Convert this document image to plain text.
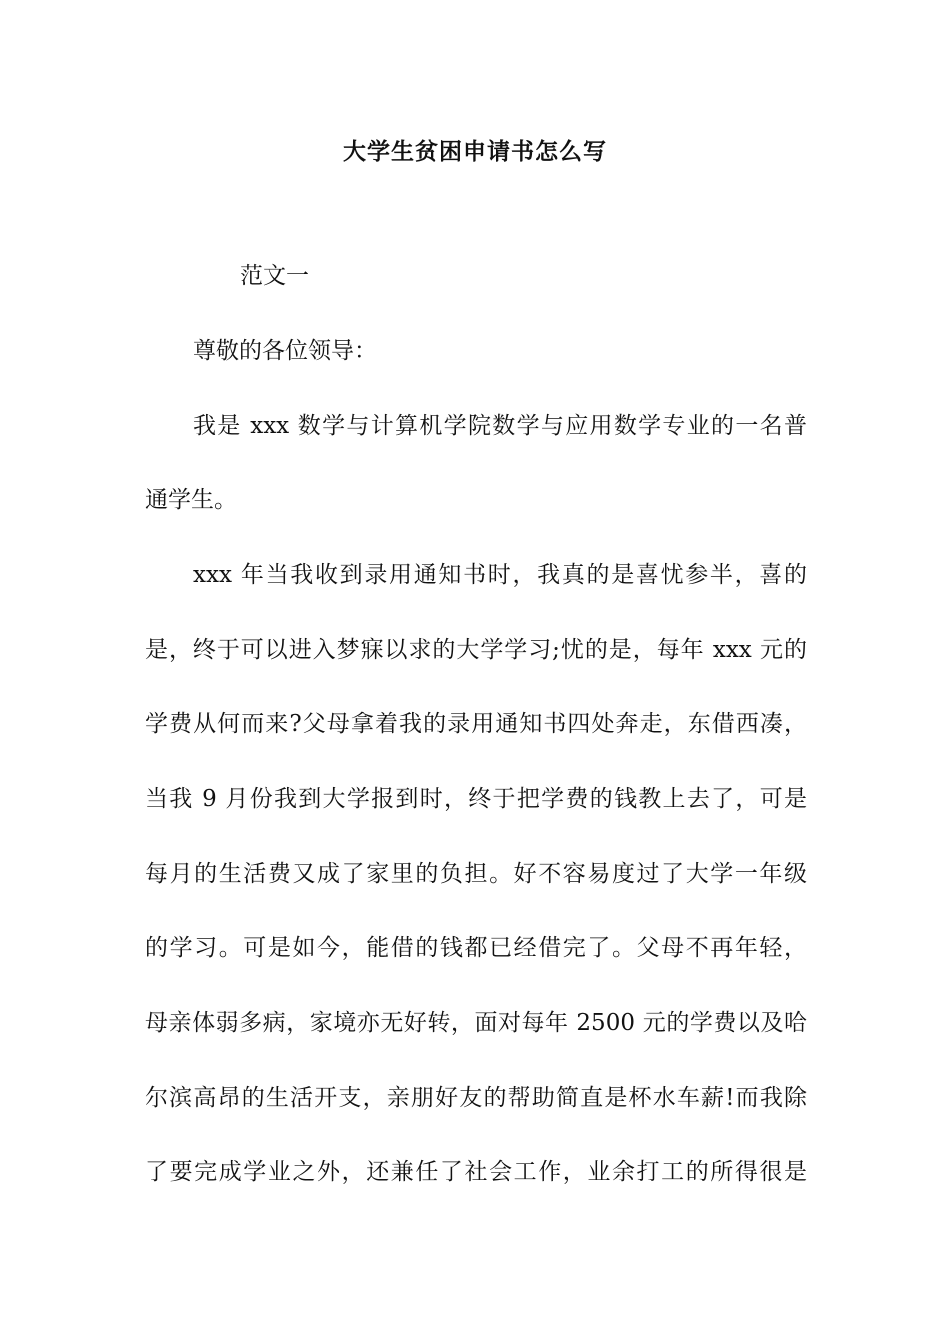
大学生贫困申请书怎么写
范文一
尊敬的各位领导：
我是 xxx 数学与计算机学院数学与应用数学专业的一名普
通学生。
xxx 年当我收到录用通知书时，我真的是喜忧参半，喜的
是，终于可以进入梦寐以求的大学学习;忧的是，每年 xxx 元的
学费从何而来?父母拿着我的录用通知书四处奔走，东借西凑，
当我 9 月份我到大学报到时，终于把学费的钱教上去了，可是
每月的生活费又成了家里的负担。好不容易度过了大学一年级
的学习。可是如今，能借的钱都已经借完了。父母不再年轻，
母亲体弱多病，家境亦无好转，面对每年 2500 元的学费以及哈
尔滨高昂的生活开支，亲朋好友的帮助简直是杯水车薪!而我除
了要完成学业之外，还兼任了社会工作，业余打工的所得很是
